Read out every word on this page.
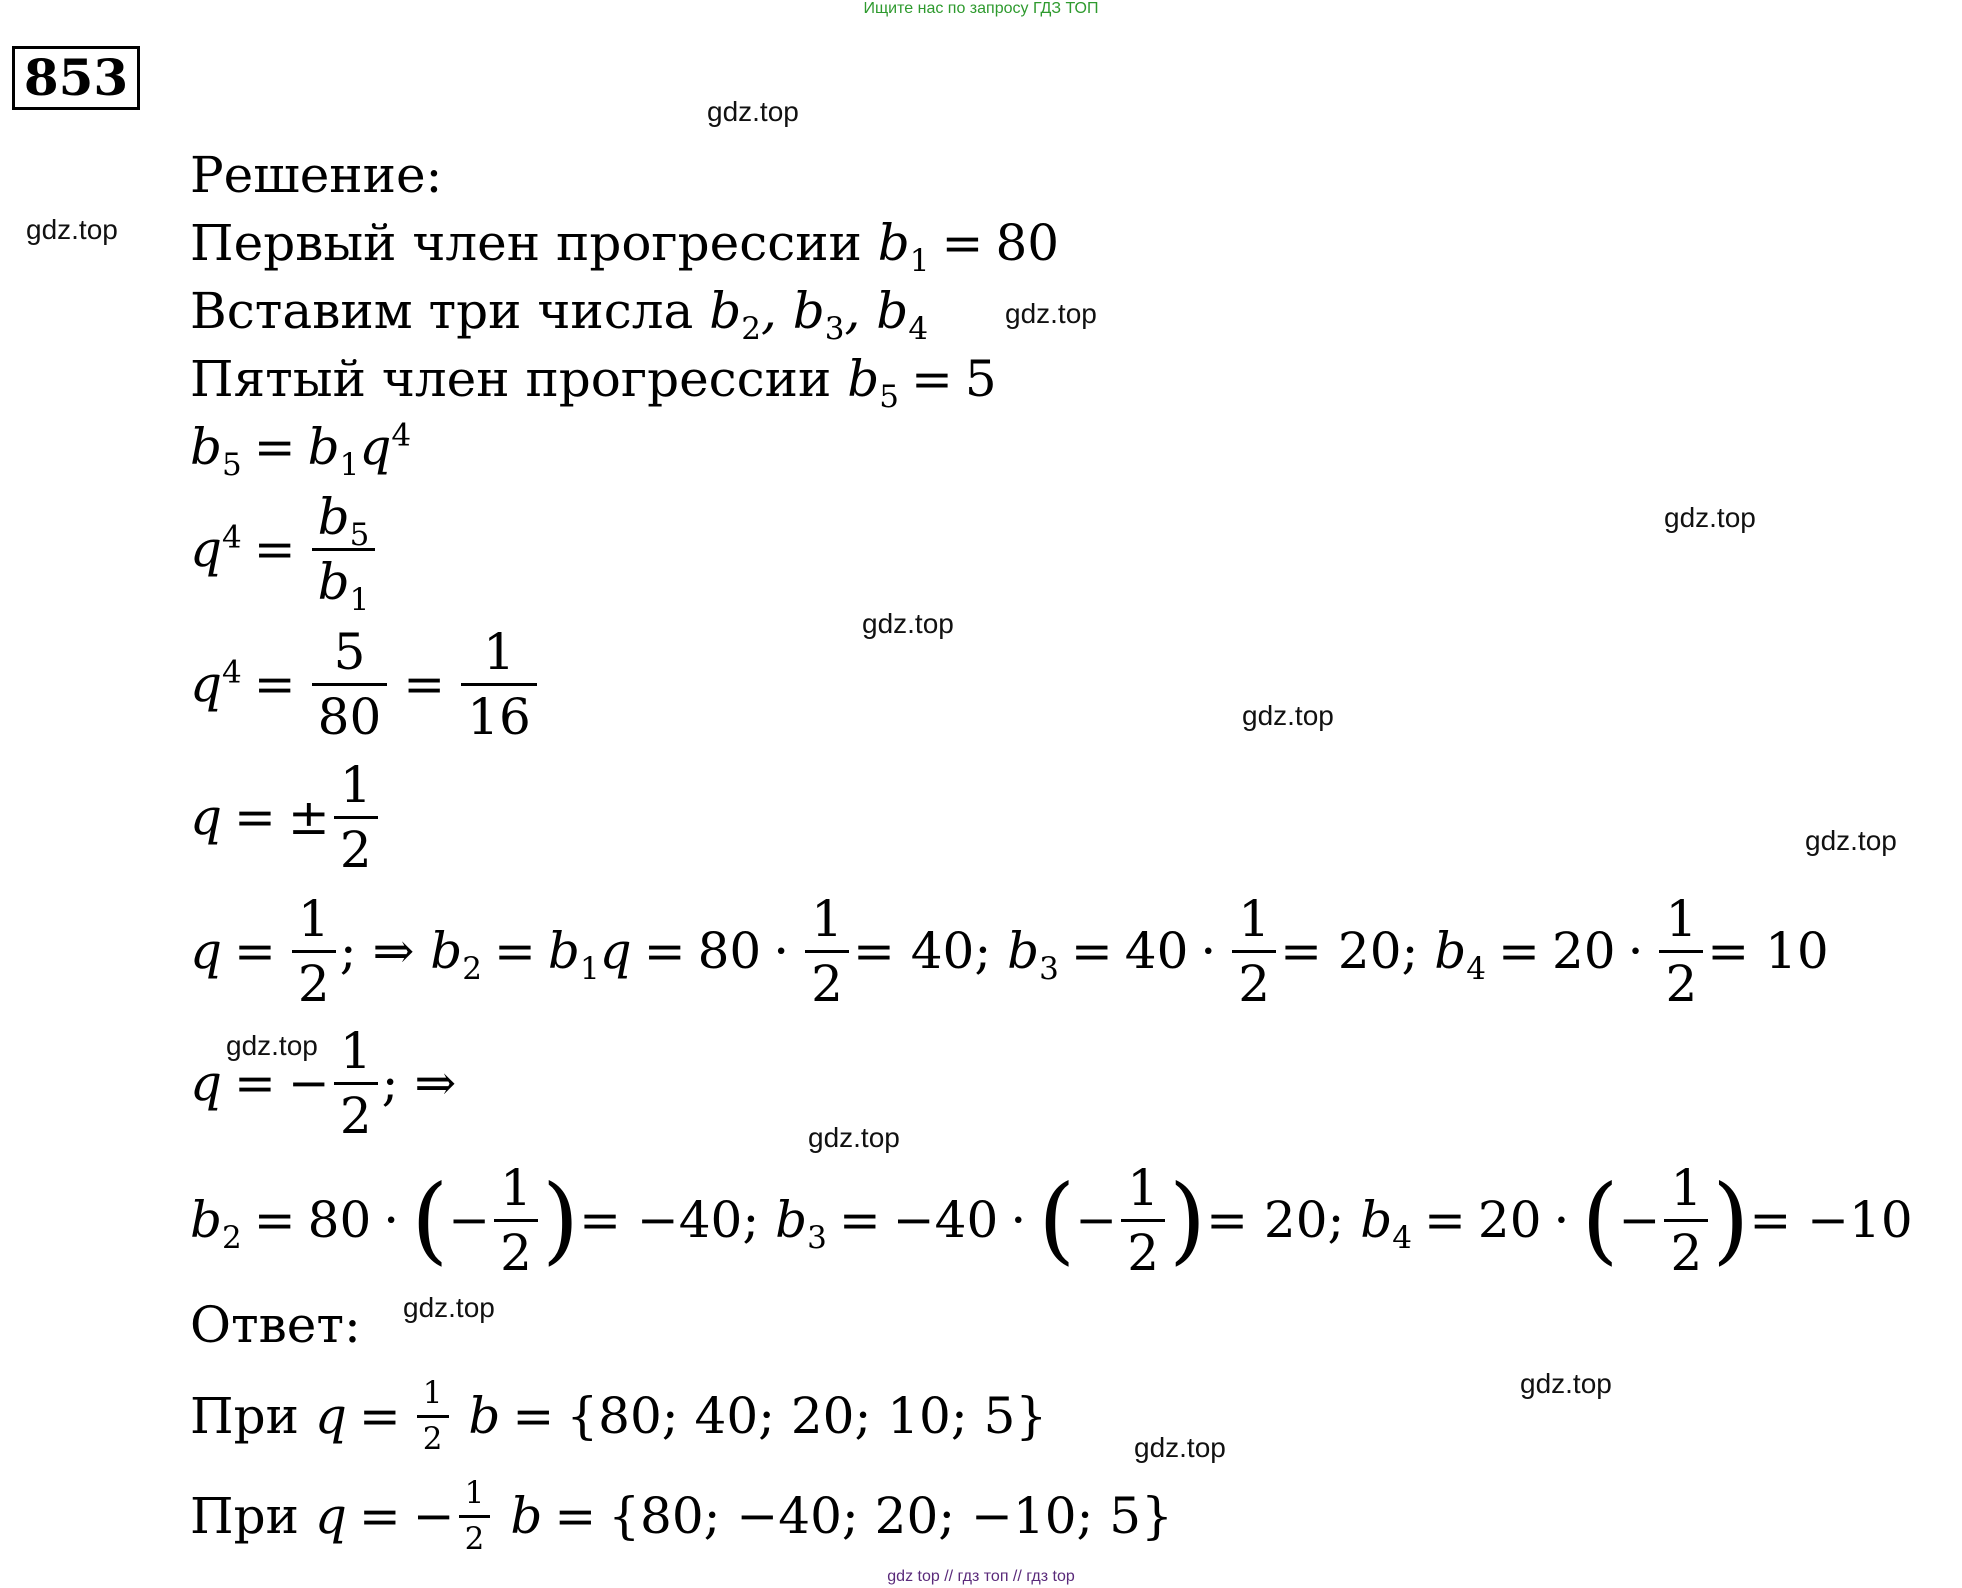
Ищите нас по запросу ГДЗ ТОП
853
gdz.top
gdz.top
gdz.top
gdz.top
gdz.top
gdz.top
gdz.top
gdz.top
gdz.top
gdz.top
gdz.top
gdz.top
Решение:
Первый член прогрессии
$b_1 = 80$
Вставим три числа
$b_2$, $b_3$, $b_4$
Пятый член прогрессии
$b_5 = 5$
$b_5 = b_1q^4$
$q^4 = \frac{b_5}{b_1}$
$q^4 = \frac{5}{80} = \frac{1}{16}$
q = ± $\frac{1}{2}$
$q = \frac{1}{2}$ ; ⇒ $b_2 = b_1q = 80 \cdot \frac{1}{2} = 40$;
$b_3 = 40 \cdot \frac{1}{2} = 20$;
$b_4 = 20 \cdot \frac{1}{2} = 10$
q = − $\frac{1}{2}$ ; ⇒
$b_2 = 80$ · ( − $\frac{1}{2}$ ) = −40;
$b_3 = -40$ · ( − $\frac{1}{2}$ ) = 20;
$b_4 = 20$ · ( − $\frac{1}{2}$ ) = −10
Ответ:
При
$q = \frac{1}{2}$
b = {80; 40; 20; 10; 5}
При
q = − $\frac{1}{2}$
b = {80; −40; 20; −10; 5}
gdz top // гдз топ // гдз top
